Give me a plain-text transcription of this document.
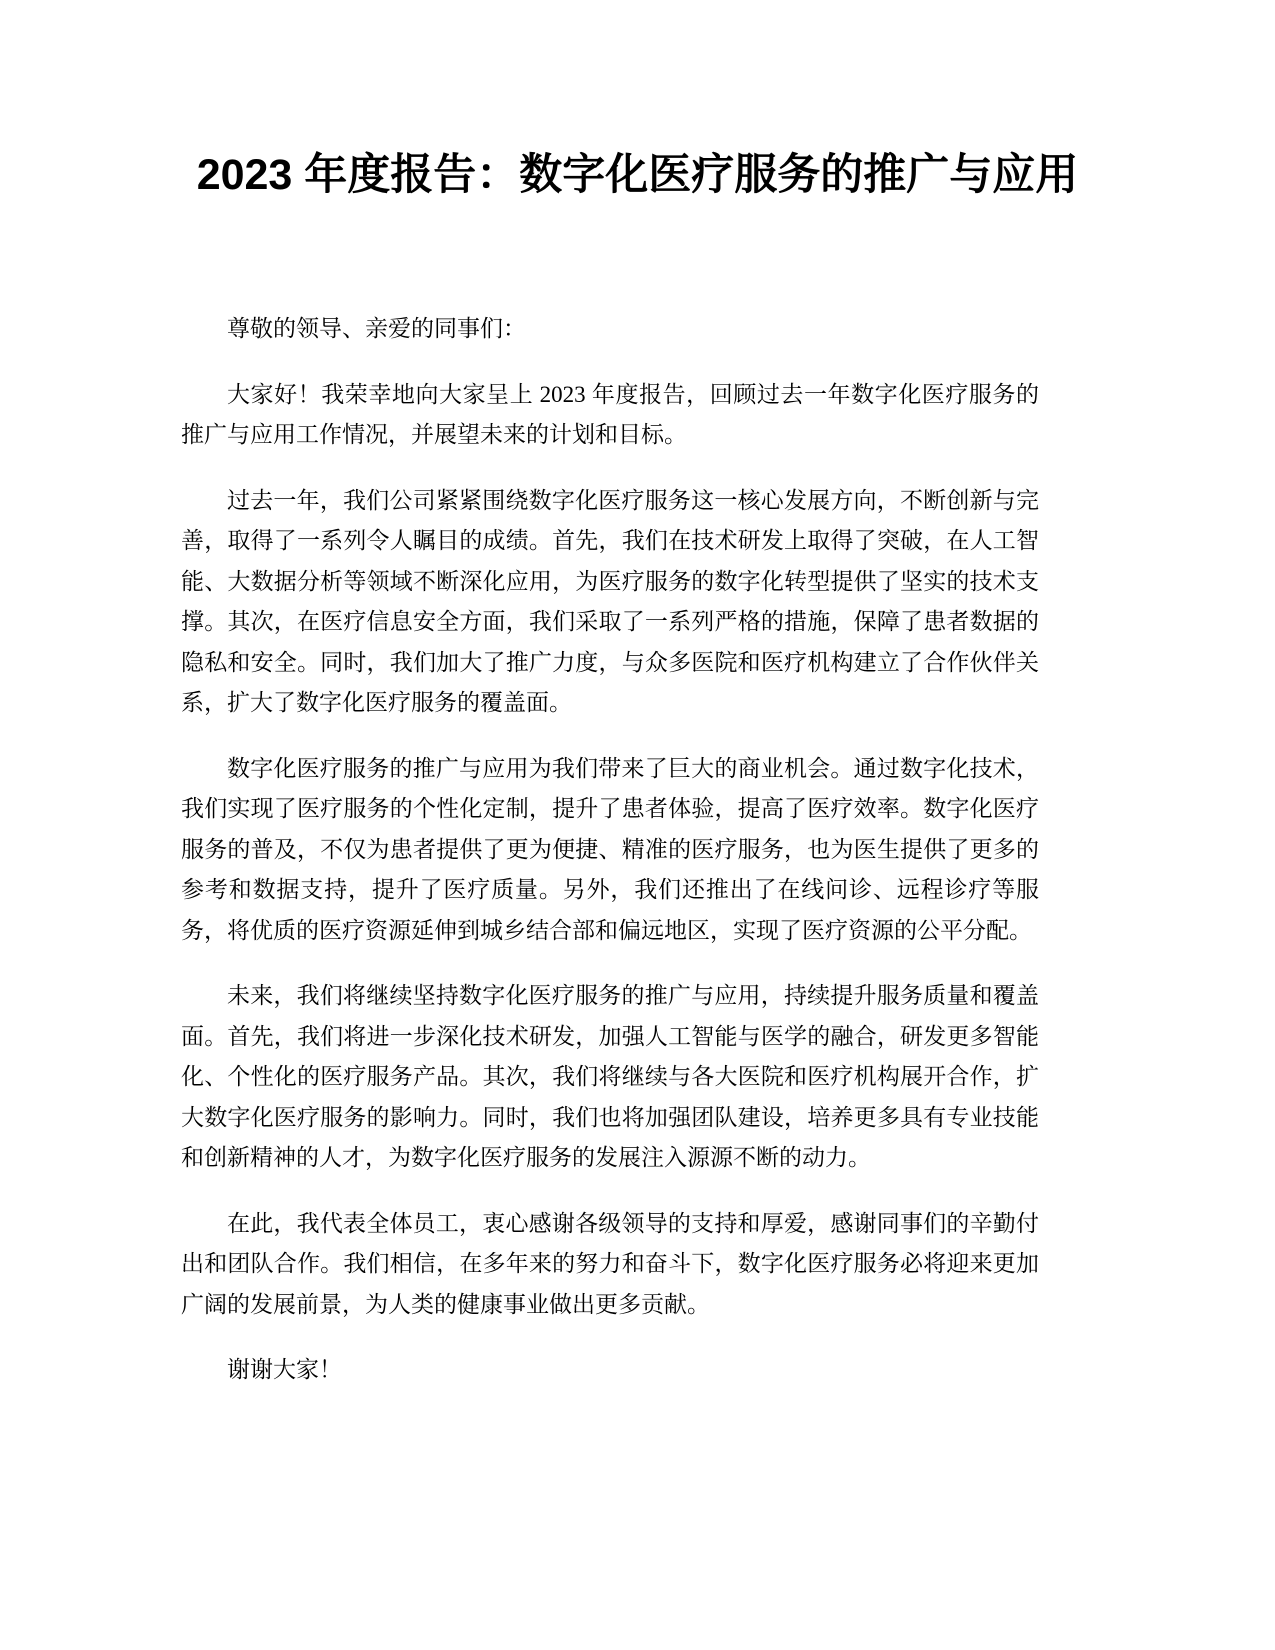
2023 年度报告：数字化医疗服务的推广与应用

尊敬的领导、亲爱的同事们：

大家好！我荣幸地向大家呈上 2023 年度报告，回顾过去一年数字化医疗服务的推广与应用工作情况，并展望未来的计划和目标。

过去一年，我们公司紧紧围绕数字化医疗服务这一核心发展方向，不断创新与完善，取得了一系列令人瞩目的成绩。首先，我们在技术研发上取得了突破，在人工智能、大数据分析等领域不断深化应用，为医疗服务的数字化转型提供了坚实的技术支撑。其次，在医疗信息安全方面，我们采取了一系列严格的措施，保障了患者数据的隐私和安全。同时，我们加大了推广力度，与众多医院和医疗机构建立了合作伙伴关系，扩大了数字化医疗服务的覆盖面。

数字化医疗服务的推广与应用为我们带来了巨大的商业机会。通过数字化技术，我们实现了医疗服务的个性化定制，提升了患者体验，提高了医疗效率。数字化医疗服务的普及，不仅为患者提供了更为便捷、精准的医疗服务，也为医生提供了更多的参考和数据支持，提升了医疗质量。另外，我们还推出了在线问诊、远程诊疗等服务，将优质的医疗资源延伸到城乡结合部和偏远地区，实现了医疗资源的公平分配。

未来，我们将继续坚持数字化医疗服务的推广与应用，持续提升服务质量和覆盖面。首先，我们将进一步深化技术研发，加强人工智能与医学的融合，研发更多智能化、个性化的医疗服务产品。其次，我们将继续与各大医院和医疗机构展开合作，扩大数字化医疗服务的影响力。同时，我们也将加强团队建设，培养更多具有专业技能和创新精神的人才，为数字化医疗服务的发展注入源源不断的动力。

在此，我代表全体员工，衷心感谢各级领导的支持和厚爱，感谢同事们的辛勤付出和团队合作。我们相信，在多年来的努力和奋斗下，数字化医疗服务必将迎来更加广阔的发展前景，为人类的健康事业做出更多贡献。

谢谢大家！
